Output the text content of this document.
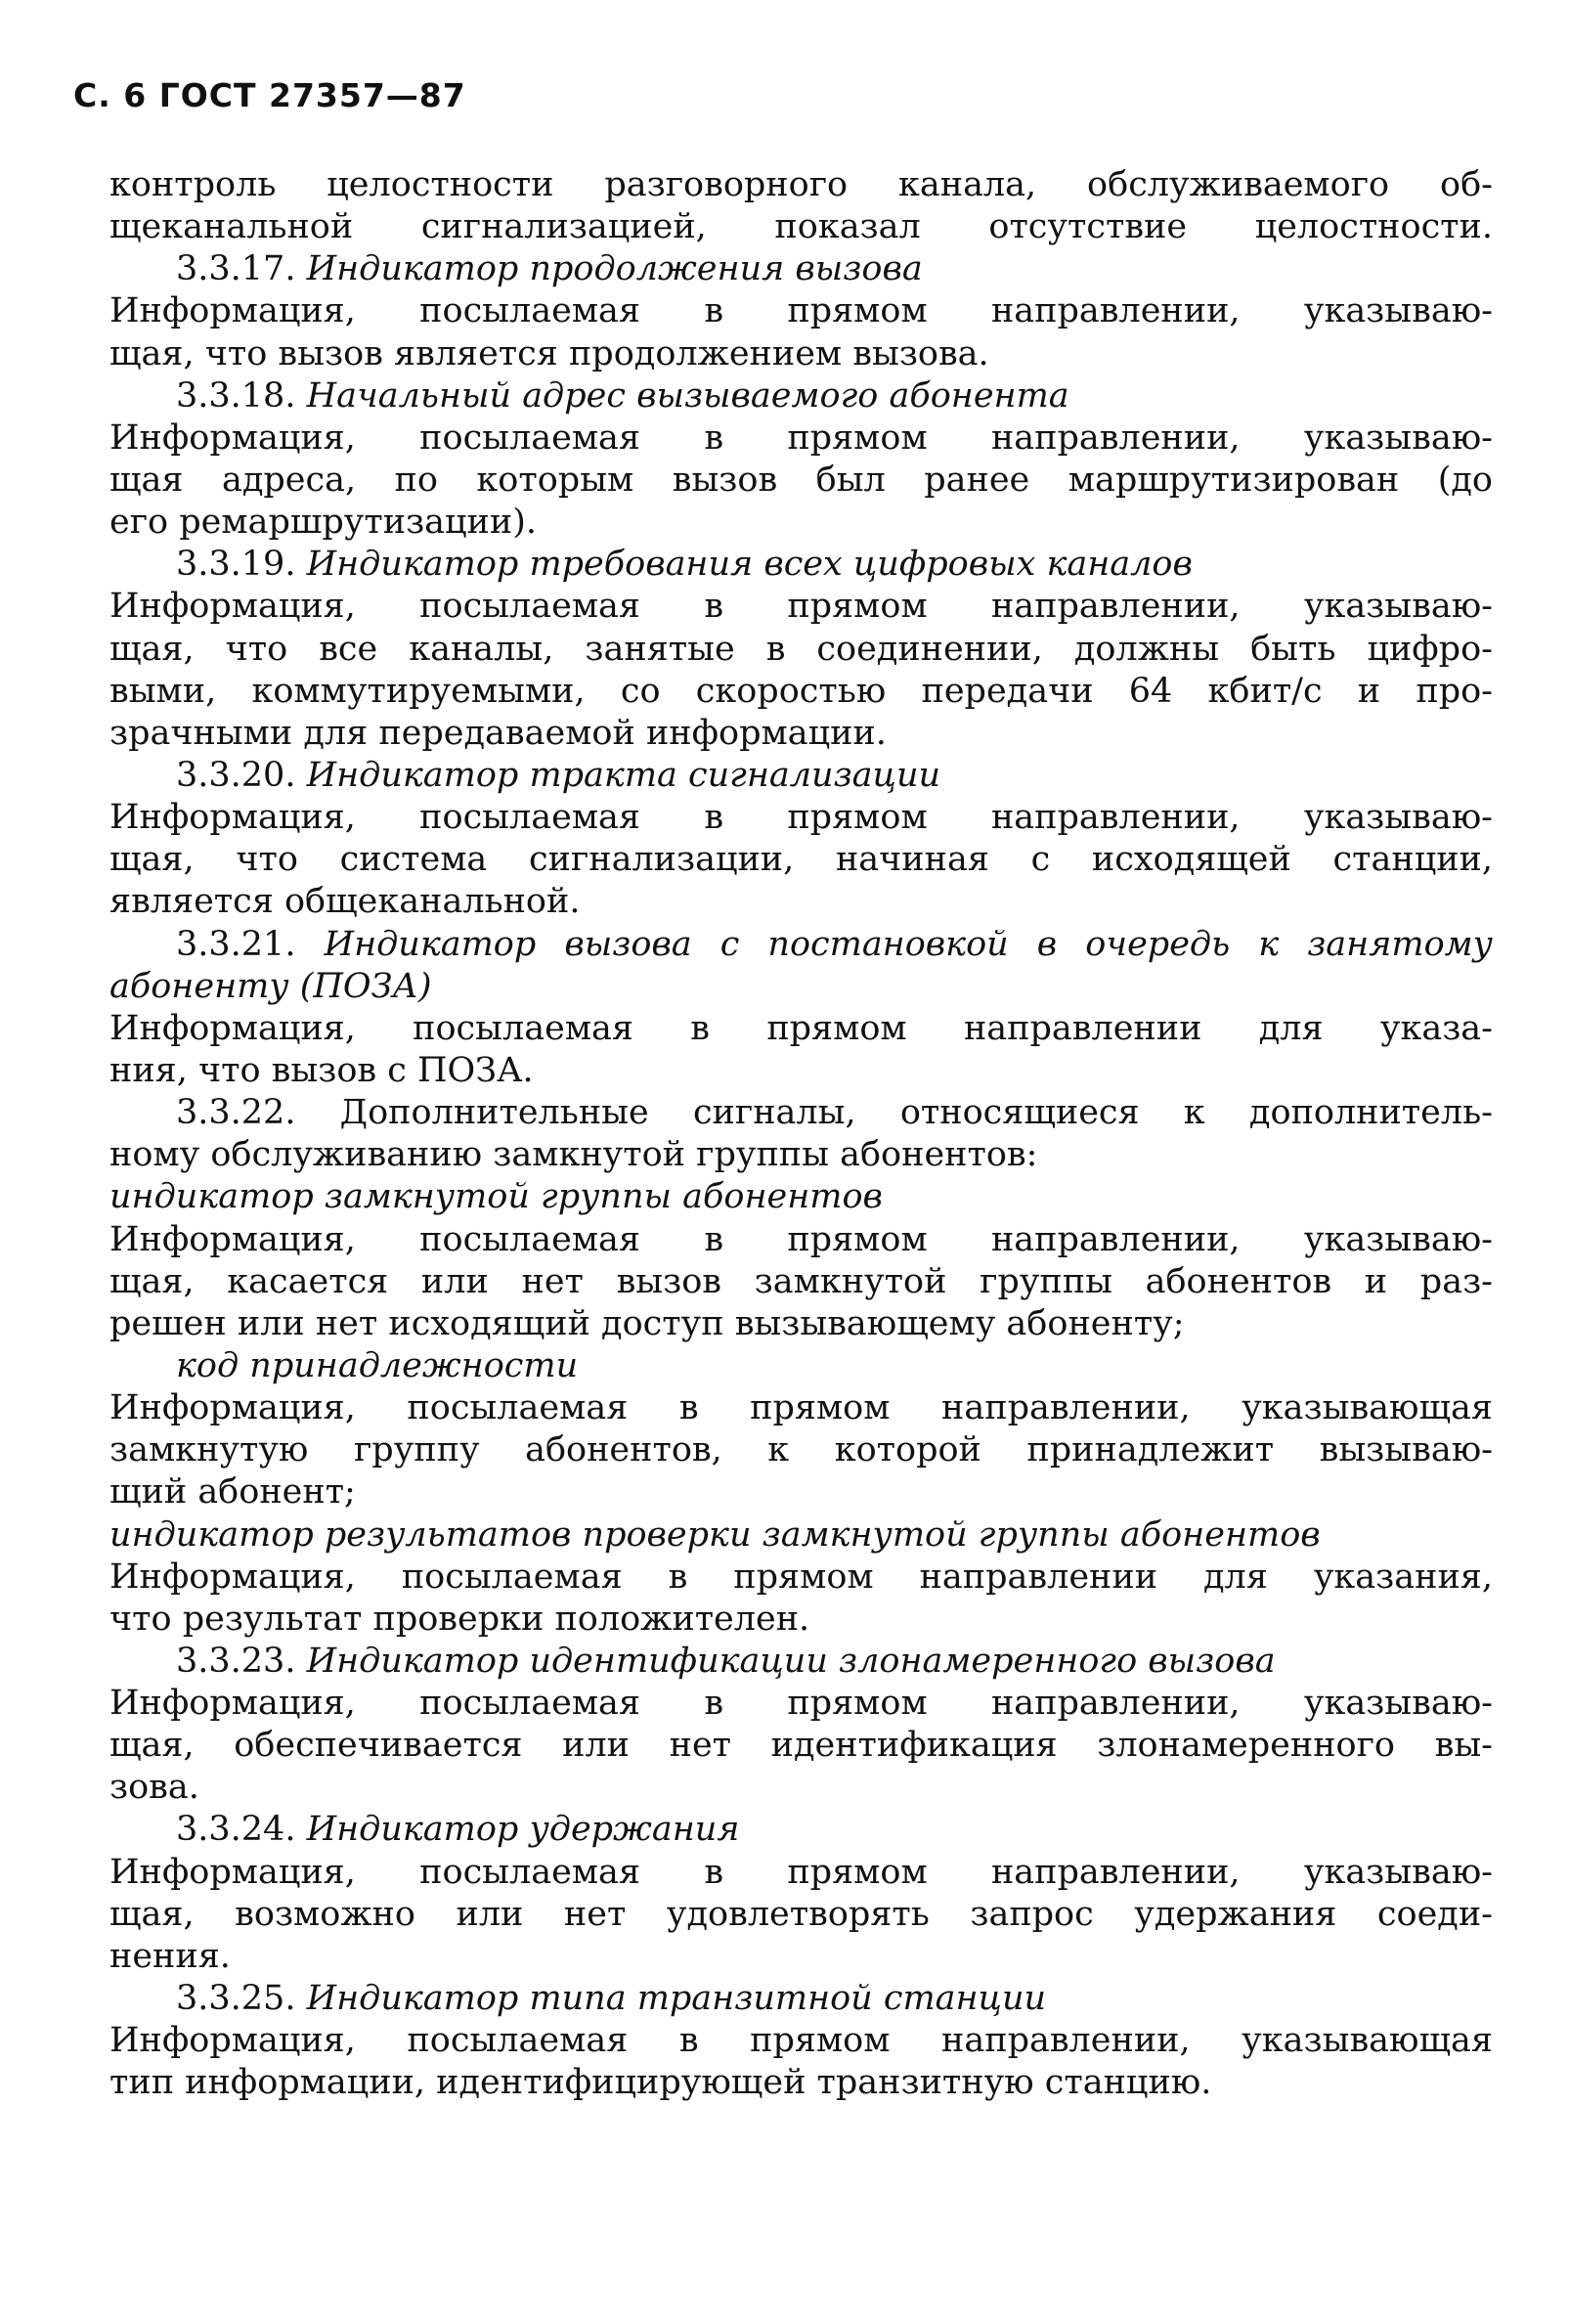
С. 6 ГОСТ 27357—87
контроль целостности разговорного канала, обслуживаемого об-
щеканальной сигнализацией, показал отсутствие целостности.
3.3.17. Индикатор продолжения вызова
Информация, посылаемая в прямом направлении, указываю-
щая, что вызов является продолжением вызова.
3.3.18. Начальный адрес вызываемого абонента
Информация, посылаемая в прямом направлении, указываю-
щая адреса, по которым вызов был ранее маршрутизирован (до
его ремаршрутизации).
3.3.19. Индикатор требования всех цифровых каналов
Информация, посылаемая в прямом направлении, указываю-
щая, что все каналы, занятые в соединении, должны быть цифро-
выми, коммутируемыми, со скоростью передачи 64 кбит/с и про-
зрачными для передаваемой информации.
3.3.20. Индикатор тракта сигнализации
Информация, посылаемая в прямом направлении, указываю-
щая, что система сигнализации, начиная с исходящей станции,
является общеканальной.
3.3.21. Индикатор вызова с постановкой в очередь к занятому
абоненту (ПОЗА)
Информация, посылаемая в прямом направлении для указа-
ния, что вызов с ПОЗА.
3.3.22. Дополнительные сигналы, относящиеся к дополнитель-
ному обслуживанию замкнутой группы абонентов:
индикатор замкнутой группы абонентов
Информация, посылаемая в прямом направлении, указываю-
щая, касается или нет вызов замкнутой группы абонентов и раз-
решен или нет исходящий доступ вызывающему абоненту;
код принадлежности
Информация, посылаемая в прямом направлении, указывающая
замкнутую группу абонентов, к которой принадлежит вызываю-
щий абонент;
индикатор результатов проверки замкнутой группы абонентов
Информация, посылаемая в прямом направлении для указания,
что результат проверки положителен.
3.3.23. Индикатор идентификации злонамеренного вызова
Информация, посылаемая в прямом направлении, указываю-
щая, обеспечивается или нет идентификация злонамеренного вы-
зова.
3.3.24. Индикатор удержания
Информация, посылаемая в прямом направлении, указываю-
щая, возможно или нет удовлетворять запрос удержания соеди-
нения.
3.3.25. Индикатор типа транзитной станции
Информация, посылаемая в прямом направлении, указывающая
тип информации, идентифицирующей транзитную станцию.
